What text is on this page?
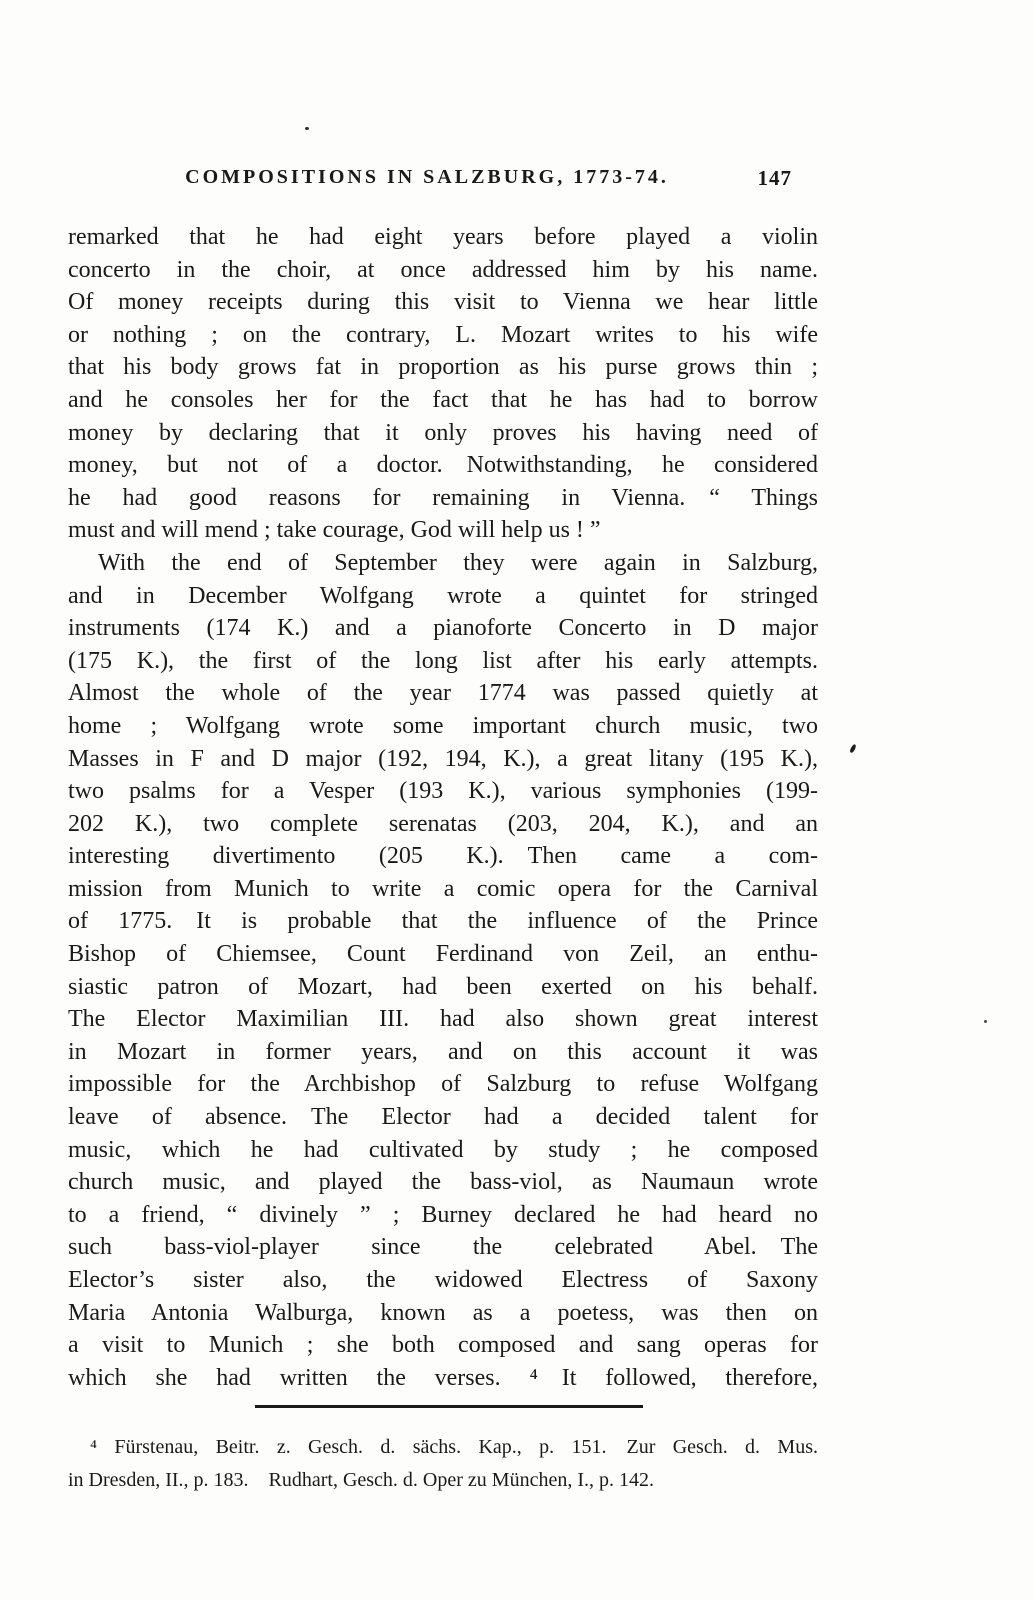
COMPOSITIONS IN SALZBURG, 1773-74.	147
remarked that he had eight years before played a violin
concerto in the choir, at once addressed him by his name.
Of money receipts during this visit to Vienna we hear little
or nothing ; on the contrary, L. Mozart writes to his wife
that his body grows fat in proportion as his purse grows thin ;
and he consoles her for the fact that he has had to borrow
money by declaring that it only proves his having need of
money, but not of a doctor. Notwithstanding, he considered
he had good reasons for remaining in Vienna. “ Things
must and will mend ; take courage, God will help us ! ”
With the end of September they were again in Salzburg,
and in December Wolfgang wrote a quintet for stringed
instruments (174 K.) and a pianoforte Concerto in D major
(175 K.), the first of the long list after his early attempts.
Almost the whole of the year 1774 was passed quietly at
home ; Wolfgang wrote some important church music, two
Masses in F and D major (192, 194, K.), a great litany (195 K.),
two psalms for a Vesper (193 K.), various symphonies (199-
202 K.), two complete serenatas (203, 204, K.), and an
interesting divertimento (205 K.). Then came a com-
mission from Munich to write a comic opera for the Carnival
of 1775. It is probable that the influence of the Prince
Bishop of Chiemsee, Count Ferdinand von Zeil, an enthu-
siastic patron of Mozart, had been exerted on his behalf.
The Elector Maximilian III. had also shown great interest
in Mozart in former years, and on this account it was
impossible for the Archbishop of Salzburg to refuse Wolfgang
leave of absence. The Elector had a decided talent for
music, which he had cultivated by study ; he composed
church music, and played the bass-viol, as Naumaun wrote
to a friend, “ divinely ” ; Burney declared he had heard no
such bass-viol-player since the celebrated Abel. The
Elector’s sister also, the widowed Electress of Saxony
Maria Antonia Walburga, known as a poetess, was then on
a visit to Munich ; she both composed and sang operas for
which she had written the verses. ⁴ It followed, therefore,
⁴ Fürstenau, Beitr. z. Gesch. d. sächs. Kap., p. 151. Zur Gesch. d. Mus.
in Dresden, II., p. 183. Rudhart, Gesch. d. Oper zu München, I., p. 142.
